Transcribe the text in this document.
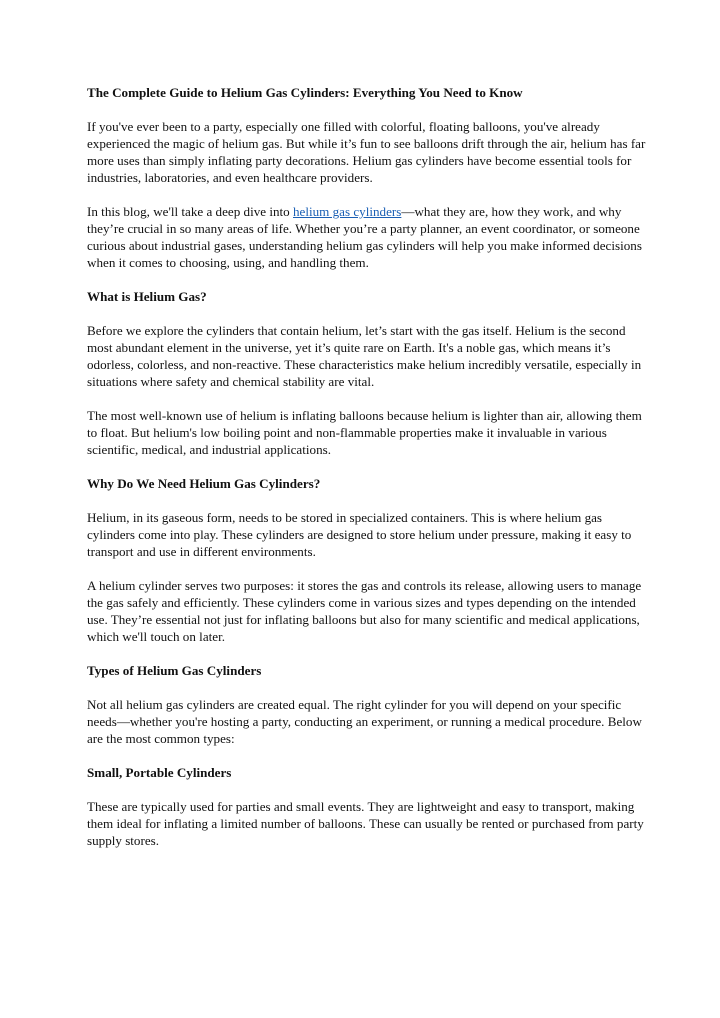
The Complete Guide to Helium Gas Cylinders: Everything You Need to Know

If you've ever been to a party, especially one filled with colorful, floating balloons, you've already experienced the magic of helium gas. But while it’s fun to see balloons drift through the air, helium has far more uses than simply inflating party decorations. Helium gas cylinders have become essential tools for industries, laboratories, and even healthcare providers.

In this blog, we'll take a deep dive into helium gas cylinders—what they are, how they work, and why they’re crucial in so many areas of life. Whether you’re a party planner, an event coordinator, or someone curious about industrial gases, understanding helium gas cylinders will help you make informed decisions when it comes to choosing, using, and handling them.

What is Helium Gas?

Before we explore the cylinders that contain helium, let’s start with the gas itself. Helium is the second most abundant element in the universe, yet it’s quite rare on Earth. It's a noble gas, which means it’s odorless, colorless, and non-reactive. These characteristics make helium incredibly versatile, especially in situations where safety and chemical stability are vital.

The most well-known use of helium is inflating balloons because helium is lighter than air, allowing them to float. But helium's low boiling point and non-flammable properties make it invaluable in various scientific, medical, and industrial applications.

Why Do We Need Helium Gas Cylinders?

Helium, in its gaseous form, needs to be stored in specialized containers. This is where helium gas cylinders come into play. These cylinders are designed to store helium under pressure, making it easy to transport and use in different environments.

A helium cylinder serves two purposes: it stores the gas and controls its release, allowing users to manage the gas safely and efficiently. These cylinders come in various sizes and types depending on the intended use. They’re essential not just for inflating balloons but also for many scientific and medical applications, which we'll touch on later.

Types of Helium Gas Cylinders

Not all helium gas cylinders are created equal. The right cylinder for you will depend on your specific needs—whether you're hosting a party, conducting an experiment, or running a medical procedure. Below are the most common types:

Small, Portable Cylinders

These are typically used for parties and small events. They are lightweight and easy to transport, making them ideal for inflating a limited number of balloons. These can usually be rented or purchased from party supply stores.
